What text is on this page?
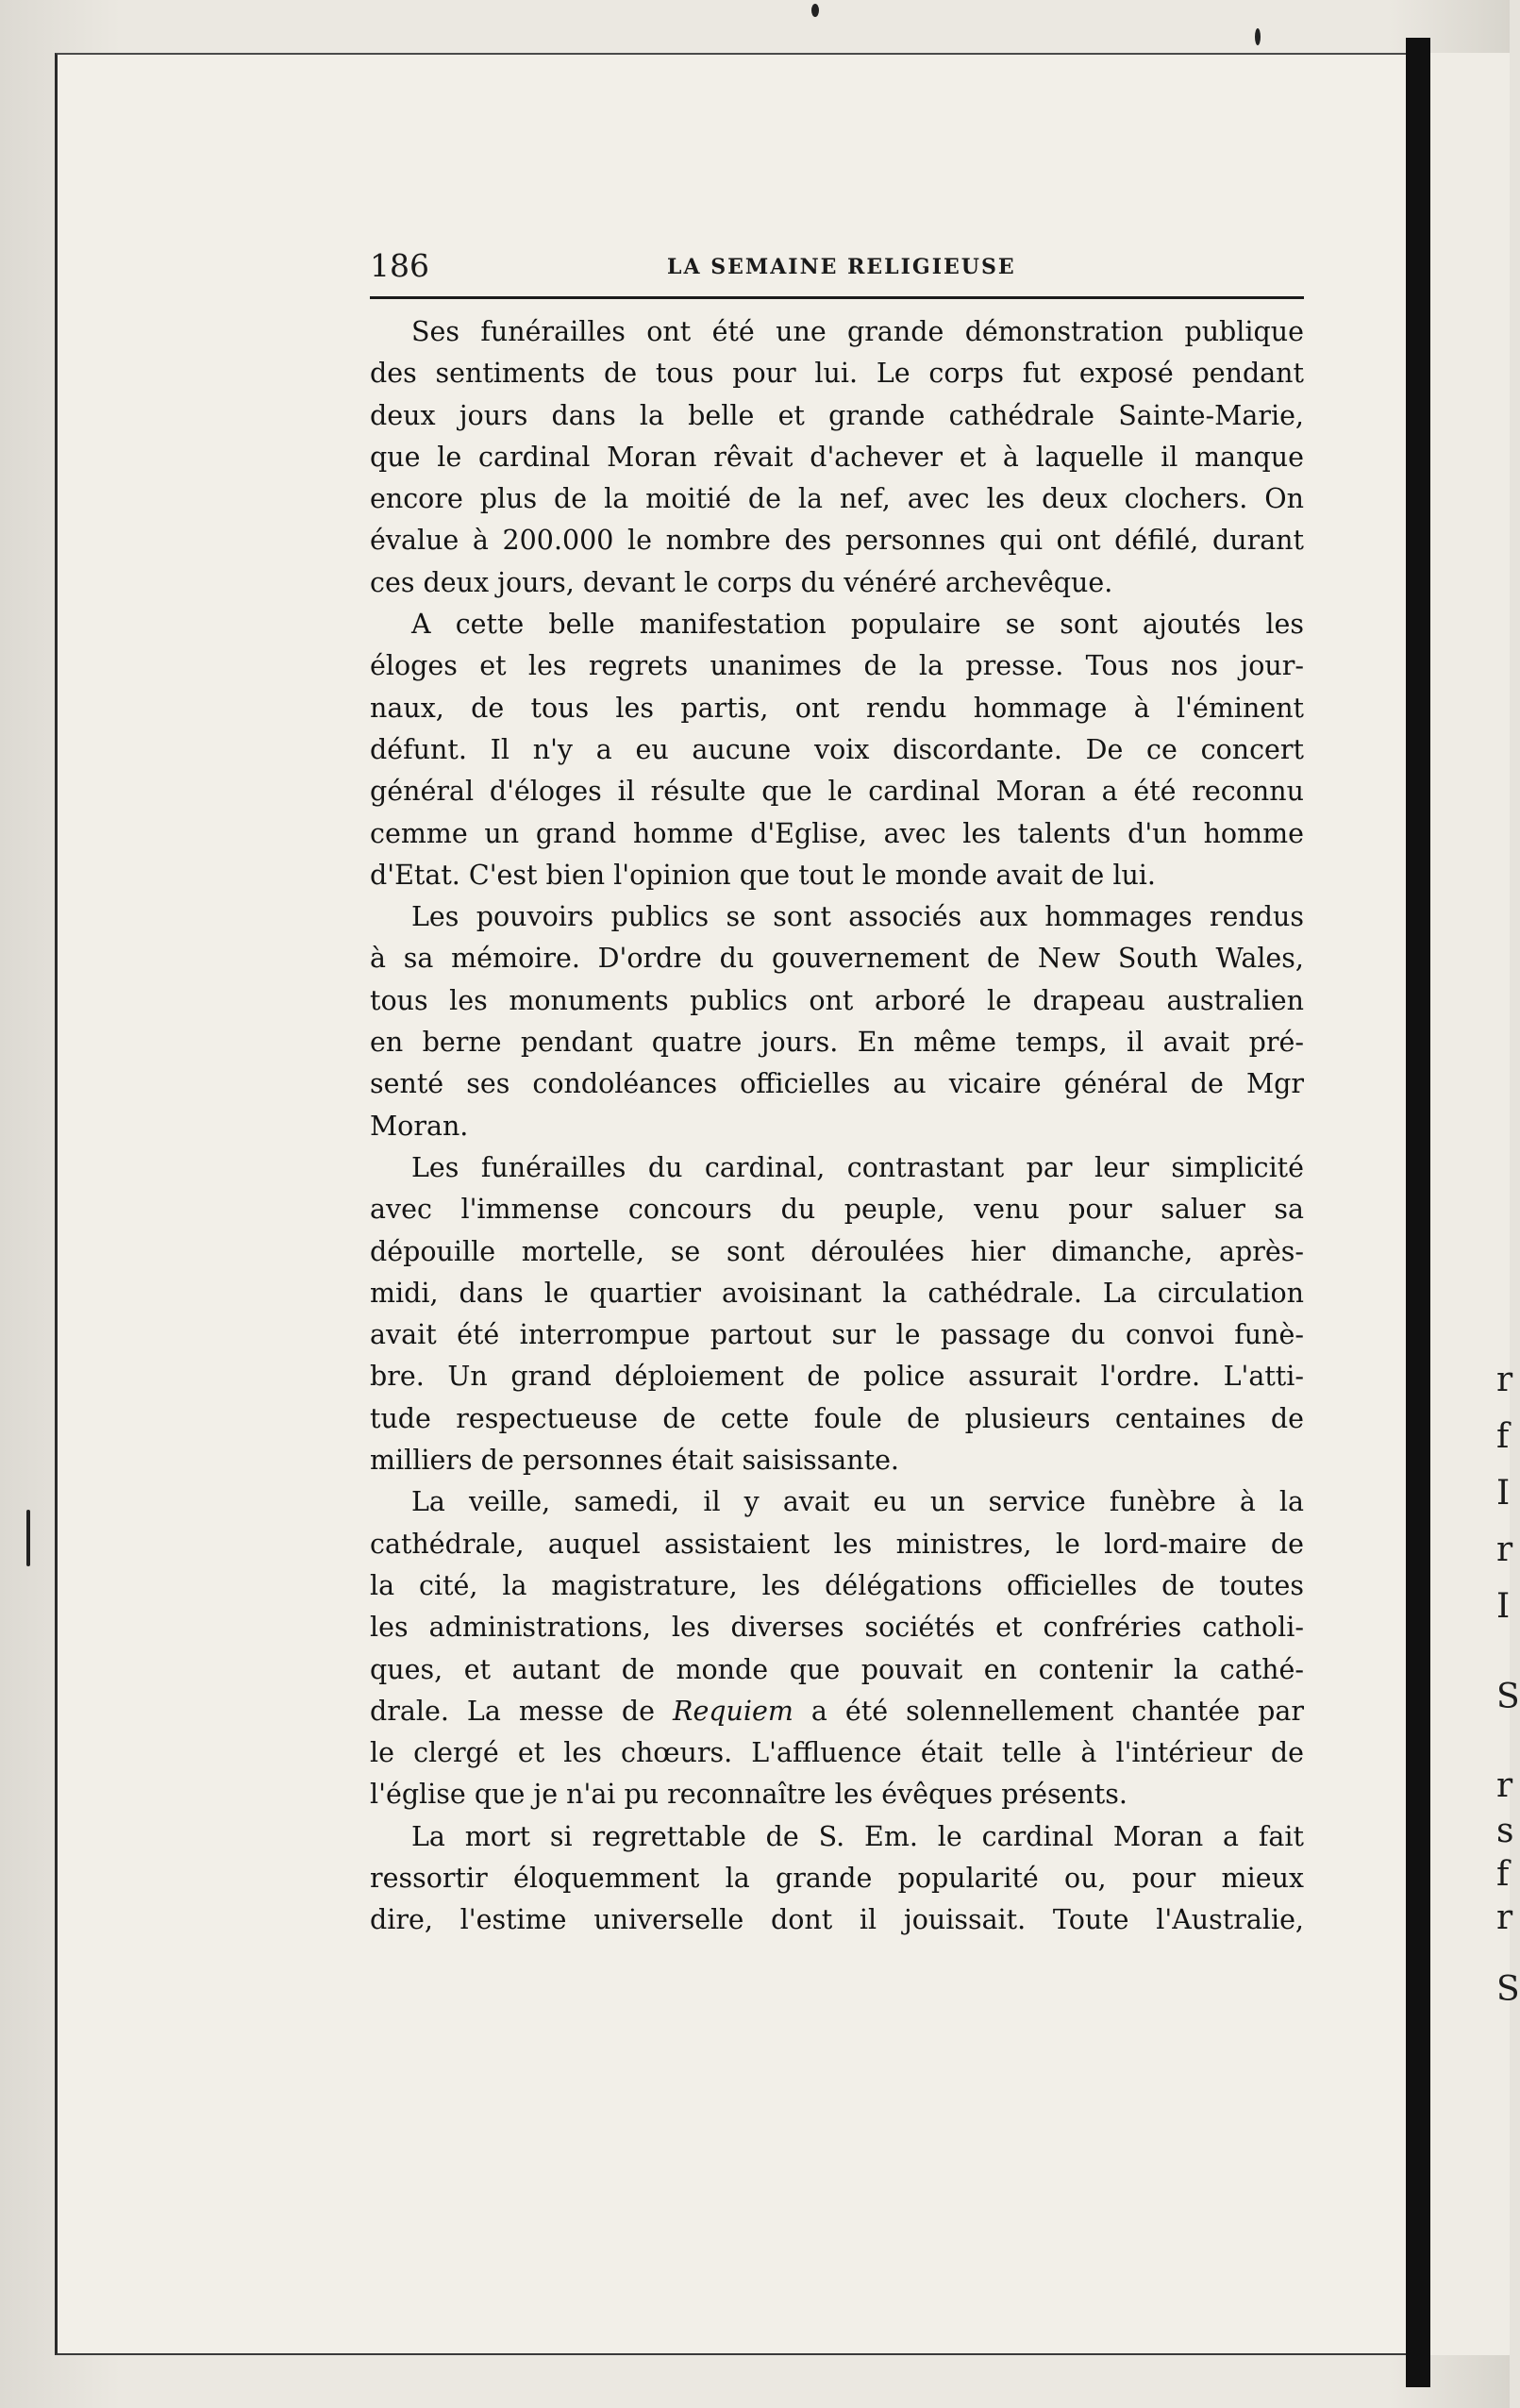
r
f
I
r
I
S
r
s
f
r
S
186	LA SEMAINE RELIGIEUSE
Ses funérailles ont été une grande démonstration publique
des sentiments de tous pour lui. Le corps fut exposé pendant
deux jours dans la belle et grande cathédrale Sainte-Marie,
que le cardinal Moran rêvait d'achever et à laquelle il manque
encore plus de la moitié de la nef, avec les deux clochers. On
évalue à 200.000 le nombre des personnes qui ont défilé, durant
ces deux jours, devant le corps du vénéré archevêque.
A cette belle manifestation populaire se sont ajoutés les
éloges et les regrets unanimes de la presse. Tous nos jour-
naux, de tous les partis, ont rendu hommage à l'éminent
défunt. Il n'y a eu aucune voix discordante. De ce concert
général d'éloges il résulte que le cardinal Moran a été reconnu
cemme un grand homme d'Eglise, avec les talents d'un homme
d'Etat. C'est bien l'opinion que tout le monde avait de lui.
Les pouvoirs publics se sont associés aux hommages rendus
à sa mémoire. D'ordre du gouvernement de New South Wales,
tous les monuments publics ont arboré le drapeau australien
en berne pendant quatre jours. En même temps, il avait pré-
senté ses condoléances officielles au vicaire général de Mgr
Moran.
Les funérailles du cardinal, contrastant par leur simplicité
avec l'immense concours du peuple, venu pour saluer sa
dépouille mortelle, se sont déroulées hier dimanche, après-
midi, dans le quartier avoisinant la cathédrale. La circulation
avait été interrompue partout sur le passage du convoi funè-
bre. Un grand déploiement de police assurait l'ordre. L'atti-
tude respectueuse de cette foule de plusieurs centaines de
milliers de personnes était saisissante.
La veille, samedi, il y avait eu un service funèbre à la
cathédrale, auquel assistaient les ministres, le lord-maire de
la cité, la magistrature, les délégations officielles de toutes
les administrations, les diverses sociétés et confréries catholi-
ques, et autant de monde que pouvait en contenir la cathé-
drale. La messe de Requiem a été solennellement chantée par
le clergé et les chœurs. L'affluence était telle à l'intérieur de
l'église que je n'ai pu reconnaître les évêques présents.
La mort si regrettable de S. Em. le cardinal Moran a fait
ressortir éloquemment la grande popularité ou, pour mieux
dire, l'estime universelle dont il jouissait. Toute l'Australie,
